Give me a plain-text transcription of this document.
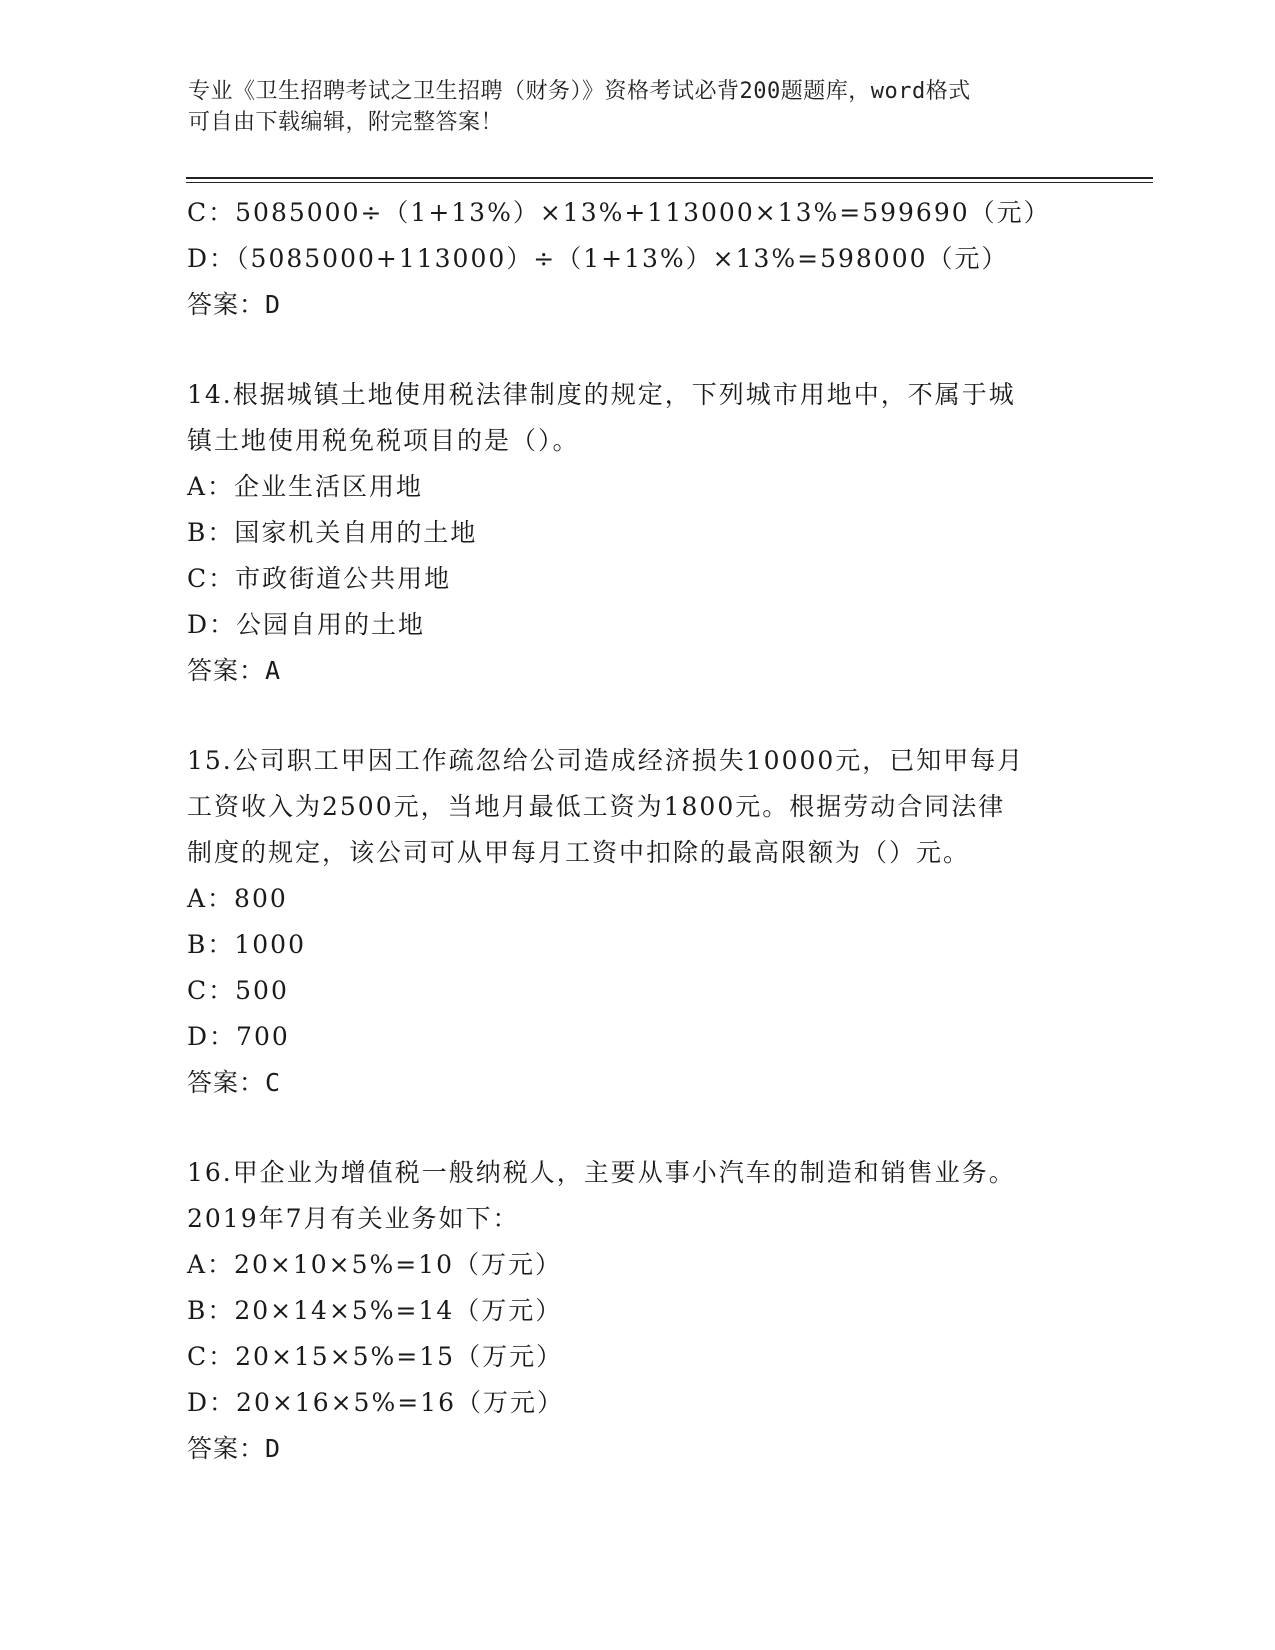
专业《卫生招聘考试之卫生招聘（财务）》资格考试必背200题题库，word格式
可自由下载编辑，附完整答案！
C：5085000÷（1+13%）×13%+113000×13%=599690（元）
D：（5085000+113000）÷（1+13%）×13%=598000（元）
答案：D
14.根据城镇土地使用税法律制度的规定，下列城市用地中，不属于城
镇土地使用税免税项目的是（）。
A：企业生活区用地
B：国家机关自用的土地
C：市政街道公共用地
D：公园自用的土地
答案：A
15.公司职工甲因工作疏忽给公司造成经济损失10000元，已知甲每月
工资收入为2500元，当地月最低工资为1800元。根据劳动合同法律
制度的规定，该公司可从甲每月工资中扣除的最高限额为（）元。
A：800
B：1000
C：500
D：700
答案：C
16.甲企业为增值税一般纳税人，主要从事小汽车的制造和销售业务。
2019年7月有关业务如下：
A：20×10×5%=10（万元）
B：20×14×5%=14（万元）
C：20×15×5%=15（万元）
D：20×16×5%=16（万元）
答案：D
